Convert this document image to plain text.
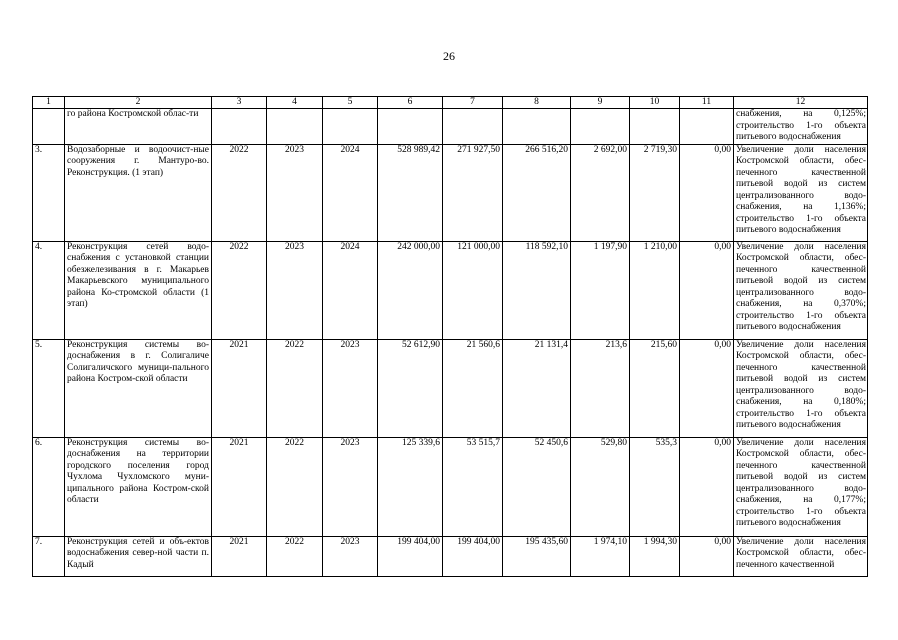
26
1	2	3	4	5	6	7	8	9	10	11	12
	го района Костромской облас-ти										снабжения, на 0,125%; строительство 1-го объекта питьевого водоснабжения
3.	Водозаборные и водоочист-ные сооружения г. Мантуро-во. Реконструкция. (1 этап)	2022	2023	2024	528 989,42	271 927,50	266 516,20	2 692,00	2 719,30	0,00	Увеличение доли населения Костромской области, обес-печенного качественной питьевой водой из систем централизованного водо-снабжения, на 1,136%; строительство 1-го объекта питьевого водоснабжения
4.	Реконструкция сетей водо-снабжения с установкой станции обезжелезивания в г. Макарьев Макарьевского муниципального района Ко-стромской области (1 этап)	2022	2023	2024	242 000,00	121 000,00	118 592,10	1 197,90	1 210,00	0,00	Увеличение доли населения Костромской области, обес-печенного качественной питьевой водой из систем централизованного водо-снабжения, на 0,370%; строительство 1-го объекта питьевого водоснабжения
5.	Реконструкция системы во-доснабжения в г. Солигаличе Солигаличского муници-пального района Костром-ской области	2021	2022	2023	52 612,90	21 560,6	21 131,4	213,6	215,60	0,00	Увеличение доли населения Костромской области, обес-печенного качественной питьевой водой из систем централизованного водо-снабжения, на 0,180%; строительство 1-го объекта питьевого водоснабжения
6.	Реконструкция системы во-доснабжения на территории городского поселения город Чухлома Чухломского муни-ципального района Костром-ской области	2021	2022	2023	125 339,6	53 515,7	52 450,6	529,80	535,3	0,00	Увеличение доли населения Костромской области, обес-печенного качественной питьевой водой из систем централизованного водо-снабжения, на 0,177%; строительство 1-го объекта питьевого водоснабжения
7.	Реконструкция сетей и объ-ектов водоснабжения север-ной части п. Кадый	2021	2022	2023	199 404,00	199 404,00	195 435,60	1 974,10	1 994,30	0,00	Увеличение доли населения Костромской области, обес-печенного качественной
